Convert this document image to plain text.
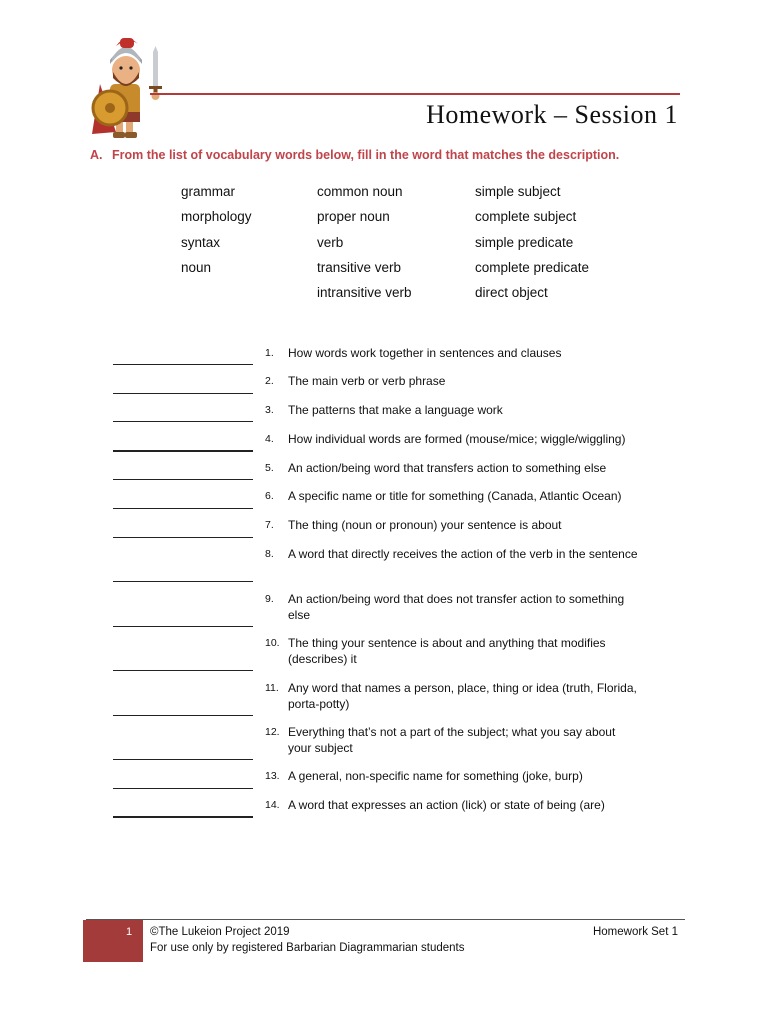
Homework – Session 1
A. From the list of vocabulary words below, fill in the word that matches the description.
grammar
morphology
syntax
noun
common noun
proper noun
verb
transitive verb
intransitive verb
simple subject
complete subject
simple predicate
complete predicate
direct object
1.	How words work together in sentences and clauses
2.	The main verb or verb phrase
3.	The patterns that make a language work
4.	How individual words are formed (mouse/mice; wiggle/wiggling)
5.	An action/being word that transfers action to something else
6.	A specific name or title for something (Canada, Atlantic Ocean)
7.	The thing (noun or pronoun) your sentence is about
8.	A word that directly receives the action of the verb in the sentence
9.	An action/being word that does not transfer action to something else
10. The thing your sentence is about and anything that modifies (describes) it
11. Any word that names a person, place, thing or idea (truth, Florida, porta-potty)
12. Everything that’s not a part of the subject; what you say about your subject
13. A general, non-specific name for something (joke, burp)
14. A word that expresses an action (lick) or state of being (are)
1 ©The Lukeion Project 2019
For use only by registered Barbarian Diagrammarian students
Homework Set 1
